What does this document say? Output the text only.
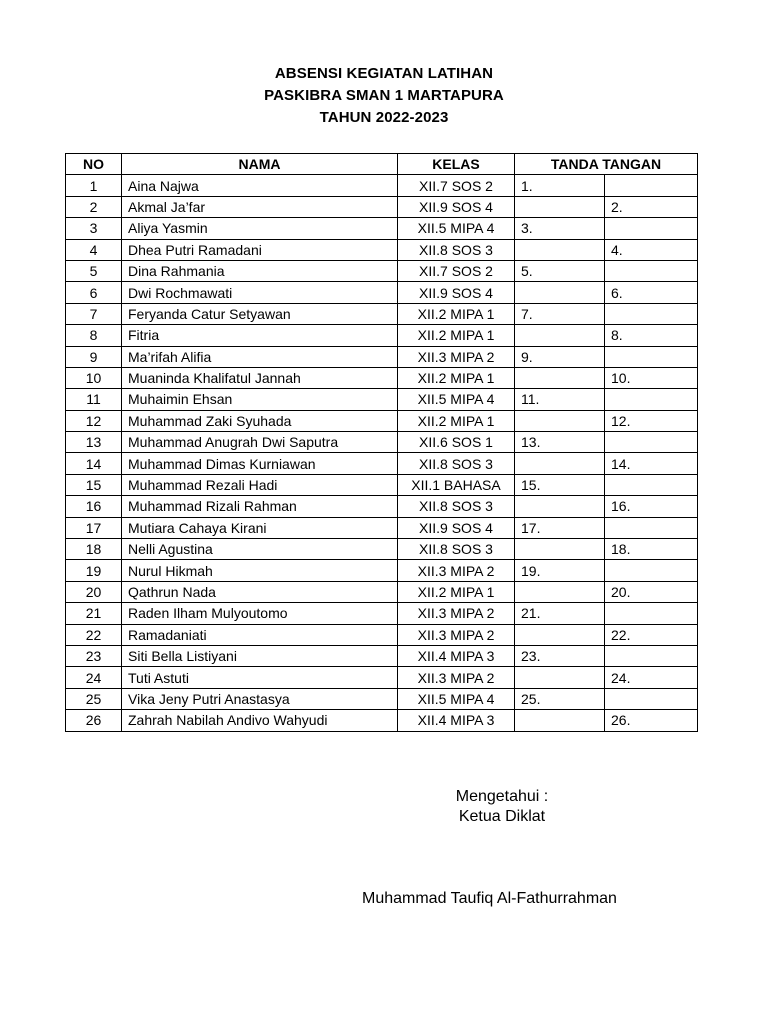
ABSENSI KEGIATAN LATIHAN
PASKIBRA SMAN 1 MARTAPURA
TAHUN 2022-2023
NO	NAMA	KELAS	TANDA TANGAN	
1	Aina Najwa	XII.7 SOS 2	1.	
2	Akmal Ja’far	XII.9 SOS 4		2.
3	Aliya Yasmin	XII.5 MIPA 4	3.	
4	Dhea Putri Ramadani	XII.8 SOS 3		4.
5	Dina Rahmania	XII.7 SOS 2	5.	
6	Dwi Rochmawati	XII.9 SOS 4		6.
7	Feryanda Catur Setyawan	XII.2 MIPA 1	7.	
8	Fitria	XII.2 MIPA 1		8.
9	Ma’rifah Alifia	XII.3 MIPA 2	9.	
10	Muaninda Khalifatul Jannah	XII.2 MIPA 1		10.
11	Muhaimin Ehsan	XII.5 MIPA 4	11.	
12	Muhammad Zaki Syuhada	XII.2 MIPA 1		12.
13	Muhammad Anugrah Dwi Saputra	XII.6 SOS 1	13.	
14	Muhammad Dimas Kurniawan	XII.8 SOS 3		14.
15	Muhammad Rezali Hadi	XII.1 BAHASA	15.	
16	Muhammad Rizali Rahman	XII.8 SOS 3		16.
17	Mutiara Cahaya Kirani	XII.9 SOS 4	17.	
18	Nelli Agustina	XII.8 SOS 3		18.
19	Nurul Hikmah	XII.3 MIPA 2	19.	
20	Qathrun Nada	XII.2 MIPA 1		20.
21	Raden Ilham Mulyoutomo	XII.3 MIPA 2	21.	
22	Ramadaniati	XII.3 MIPA 2		22.
23	Siti Bella Listiyani	XII.4 MIPA 3	23.	
24	Tuti Astuti	XII.3 MIPA 2		24.
25	Vika Jeny Putri Anastasya	XII.5 MIPA 4	25.	
26	Zahrah Nabilah Andivo Wahyudi	XII.4 MIPA 3		26.
Mengetahui :
Ketua Diklat
Muhammad Taufiq Al-Fathurrahman
